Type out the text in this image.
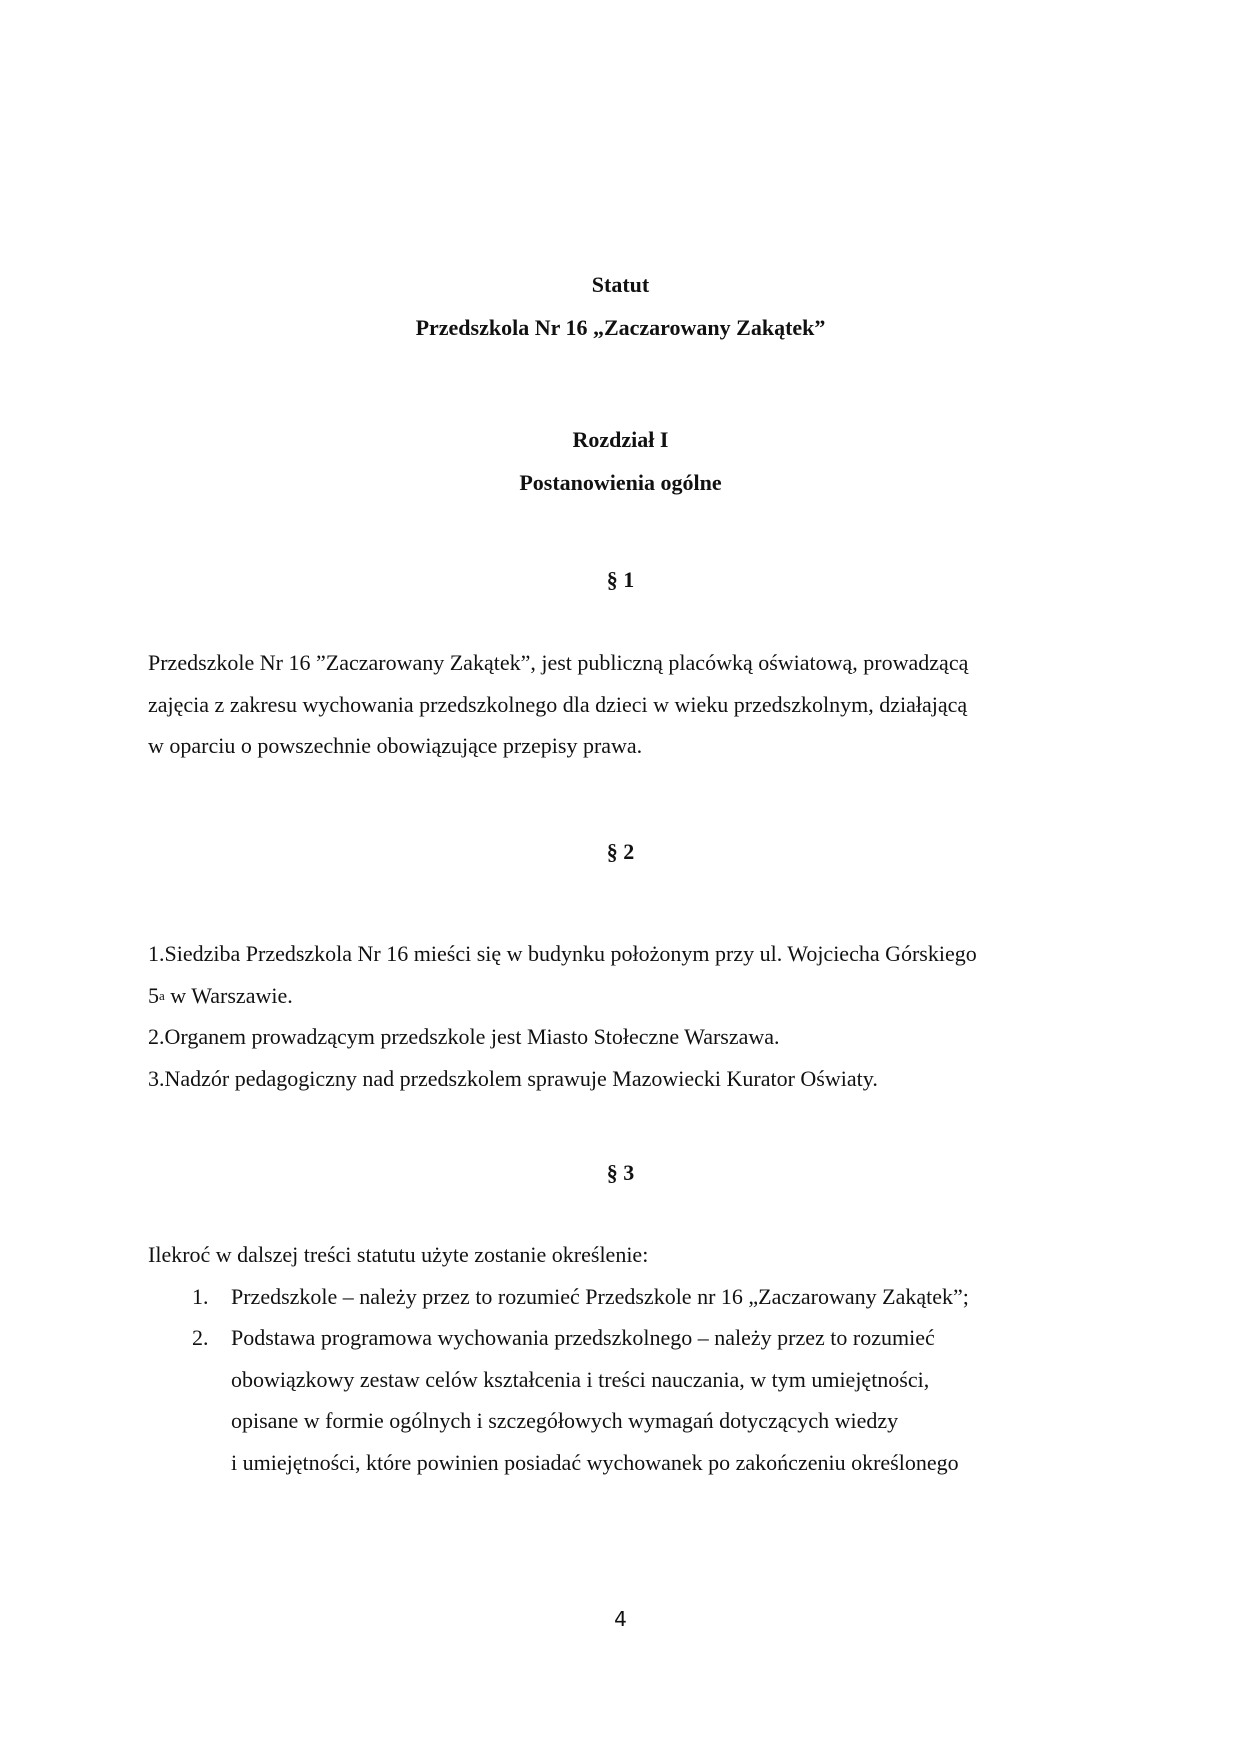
Statut
Przedszkola Nr 16 „Zaczarowany Zakątek”
Rozdział I
Postanowienia ogólne
§ 1
Przedszkole Nr 16 ”Zaczarowany Zakątek”, jest publiczną placówką oświatową, prowadzącą
zajęcia z zakresu wychowania przedszkolnego dla dzieci w wieku przedszkolnym, działającą
w oparciu o powszechnie obowiązujące przepisy prawa.
§ 2
1.Siedziba Przedszkola Nr 16 mieści się w budynku położonym przy ul. Wojciecha Górskiego
5$^a$ w Warszawie.
2.Organem prowadzącym przedszkole jest Miasto Stołeczne Warszawa.
3.Nadzór pedagogiczny nad przedszkolem sprawuje Mazowiecki Kurator Oświaty.
§ 3
Ilekroć w dalszej treści statutu użyte zostanie określenie:
1. Przedszkole – należy przez to rozumieć Przedszkole nr 16 „Zaczarowany Zakątek”;
2. Podstawa programowa wychowania przedszkolnego – należy przez to rozumieć
obowiązkowy zestaw celów kształcenia i treści nauczania, w tym umiejętności,
opisane w formie ogólnych i szczegółowych wymagań dotyczących wiedzy
i umiejętności, które powinien posiadać wychowanek po zakończeniu określonego
4
